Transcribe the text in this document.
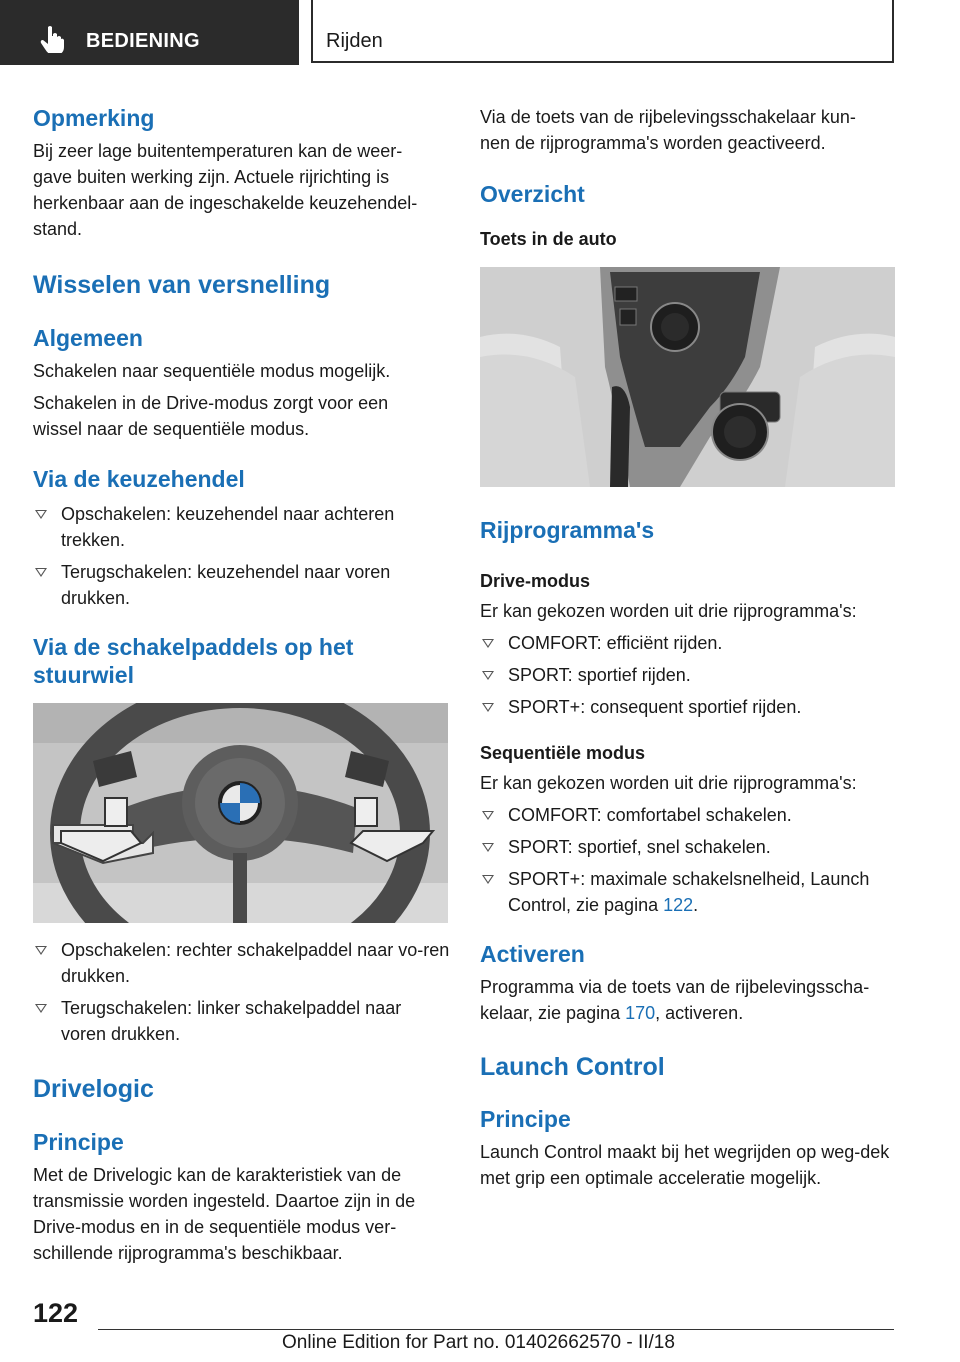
BEDIENING	Rijden
Opmerking

Bij zeer lage buitentemperaturen kan de weer-gave buiten werking zijn. Actuele rijrichting is herkenbaar aan de ingeschakelde keuzehendel-stand.

Wisselen van versnelling
Algemeen

Schakelen naar sequentiële modus mogelijk.

Schakelen in de Drive-modus zorgt voor een wissel naar de sequentiële modus.

Via de keuzehendel
Opschakelen: keuzehendel naar achteren trekken.
Terugschakelen: keuzehendel naar voren drukken.
Via de schakelpaddels op het stuurwiel
Opschakelen: rechter schakelpaddel naar vo-ren drukken.
Terugschakelen: linker schakelpaddel naar voren drukken.
Drivelogic
Principe

Met de Drivelogic kan de karakteristiek van de transmissie worden ingesteld. Daartoe zijn in de Drive-modus en in de sequentiële modus ver-schillende rijprogramma's beschikbaar.

Via de toets van de rijbelevingsschakelaar kun-nen de rijprogramma's worden geactiveerd.

Overzicht
Toets in de auto
Rijprogramma's
Drive-modus

Er kan gekozen worden uit drie rijprogramma's:

COMFORT: efficiënt rijden.
SPORT: sportief rijden.
SPORT+: consequent sportief rijden.
Sequentiële modus

Er kan gekozen worden uit drie rijprogramma's:

COMFORT: comfortabel schakelen.
SPORT: sportief, snel schakelen.
SPORT+: maximale schakelsnelheid, Launch Control, zie pagina 122.
Activeren

Programma via de toets van de rijbelevingsscha-kelaar, zie pagina 170, activeren.

Launch Control
Principe

Launch Control maakt bij het wegrijden op weg-dek met grip een optimale acceleratie mogelijk.

122
Online Edition for Part no. 01402662570 - II/18
